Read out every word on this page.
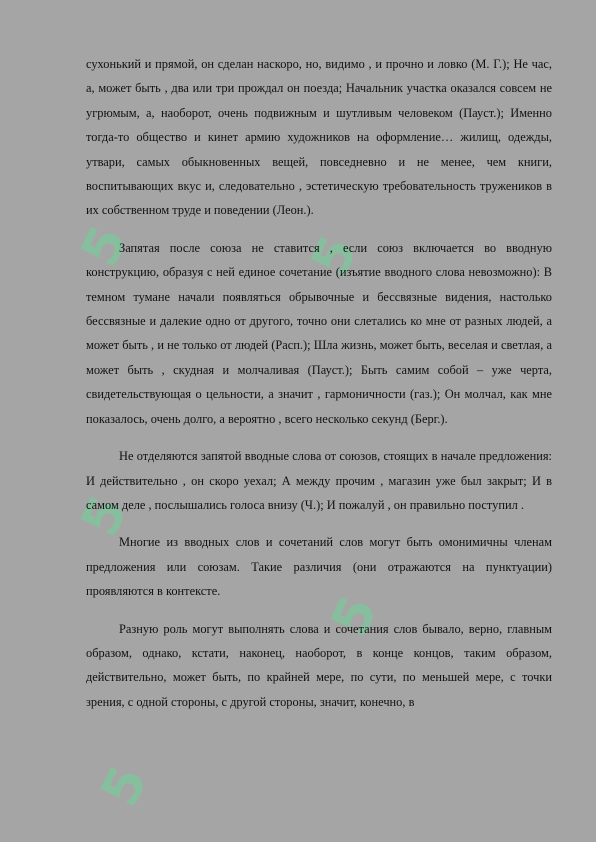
5	5
5
5
5

сухонький и прямой, он сделан наскоро, но, видимо , и прочно и ловко (М. Г.); Не час, а, может быть , два или три прождал он поезда; Начальник участка оказался совсем не угрюмым, а, наоборот, очень подвижным и шутливым человеком (Пауст.); Именно тогда-то общество и кинет армию художников на оформление… жилищ, одежды, утвари, самых обыкновенных вещей, повседневно и не менее, чем книги, воспитывающих вкус и, следовательно , эстетическую требовательность тружеников в их собственном труде и поведении (Леон.).

Запятая после союза не ставится , если союз включается во вводную конструкцию, образуя с ней единое сочетание (изъятие вводного слова невозможно): В темном тумане начали появляться обрывочные и бессвязные видения, настолько бессвязные и далекие одно от другого, точно они слетались ко мне от разных людей, а может быть , и не только от людей (Расп.); Шла жизнь, может быть, веселая и светлая, а может быть , скудная и молчаливая (Пауст.); Быть самим собой – уже черта, свидетельствующая о цельности, а значит , гармоничности (газ.); Он молчал, как мне показалось, очень долго, а вероятно , всего несколько секунд (Берг.).

Не отделяются запятой вводные слова от союзов, стоящих в начале предложения: И действительно , он скоро уехал; А между прочим , магазин уже был закрыт; И в самом деле , послышались голоса внизу (Ч.); И пожалуй , он правильно поступил .

Многие из вводных слов и сочетаний слов могут быть омонимичны членам предложения или союзам. Такие различия (они отражаются на пунктуации) проявляются в контексте.

Разную роль могут выполнять слова и сочетания слов бывало, верно, главным образом, однако, кстати, наконец, наоборот, в конце концов, таким образом, действительно, может быть, по крайней мере, по сути, по меньшей мере, с точки зрения, с одной стороны, с другой стороны, значит, конечно, в
